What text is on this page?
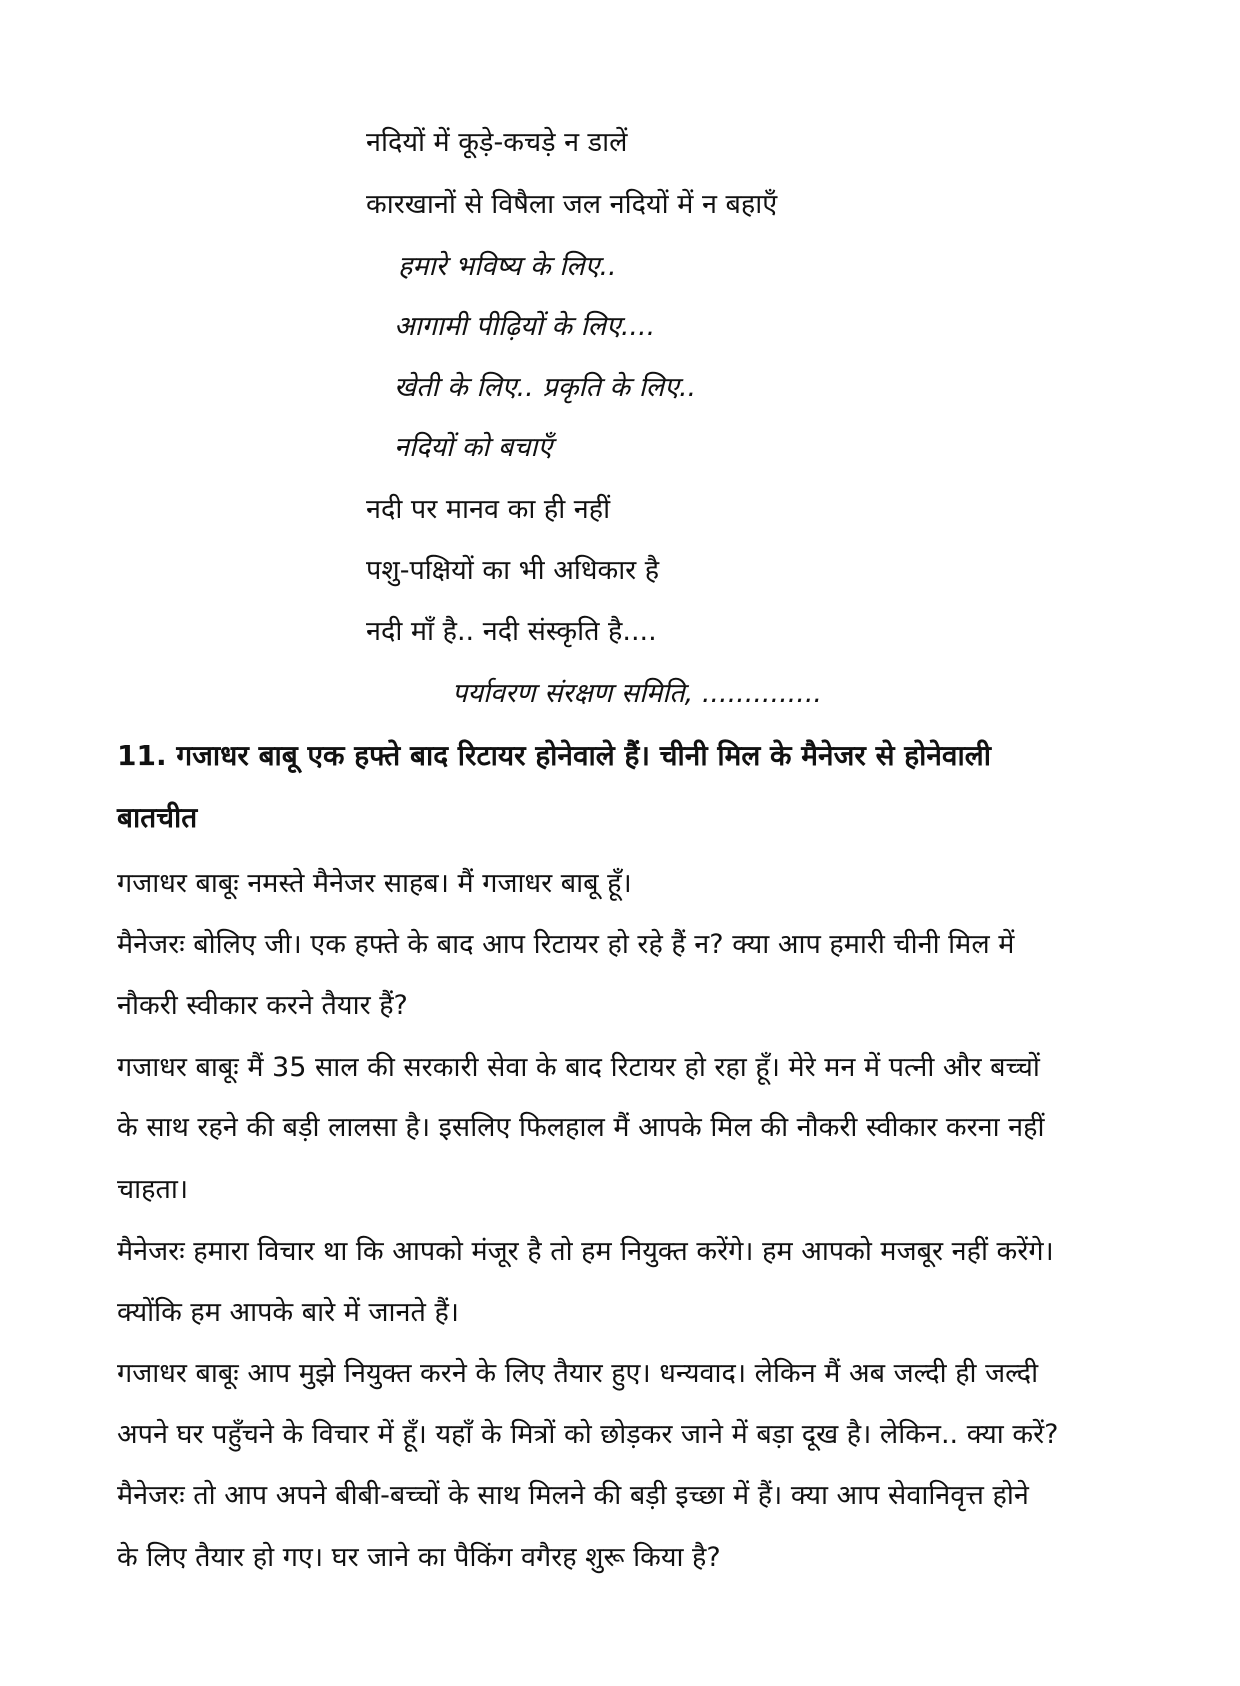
नदियों में कूड़े-कचड़े न डालें
कारखानों से विषैला जल नदियों में न बहाएँ
हमारे भविष्य के लिए..
आगामी पीढ़ियों के लिए....
खेती के लिए.. प्रकृति के लिए..
नदियों को बचाएँ
नदी पर मानव का ही नहीं
पशु-पक्षियों का भी अधिकार है
नदी माँ है.. नदी संस्कृति है....
पर्यावरण संरक्षण समिति, ..............
11. गजाधर बाबू एक हफ्ते बाद रिटायर होनेवाले हैं। चीनी मिल के मैनेजर से होनेवाली
बातचीत
गजाधर बाबूः नमस्ते मैनेजर साहब। मैं गजाधर बाबू हूँ।
मैनेजरः बोलिए जी। एक हफ्ते के बाद आप रिटायर हो रहे हैं न? क्या आप हमारी चीनी मिल में
नौकरी स्वीकार करने तैयार हैं?
गजाधर बाबूः मैं 35 साल की सरकारी सेवा के बाद रिटायर हो रहा हूँ। मेरे मन में पत्नी और बच्चों
के साथ रहने की बड़ी लालसा है। इसलिए फिलहाल मैं आपके मिल की नौकरी स्वीकार करना नहीं
चाहता।
मैनेजरः हमारा विचार था कि आपको मंजूर है तो हम नियुक्त करेंगे। हम आपको मजबूर नहीं करेंगे।
क्योंकि हम आपके बारे में जानते हैं।
गजाधर बाबूः आप मुझे नियुक्त करने के लिए तैयार हुए। धन्यवाद। लेकिन मैं अब जल्दी ही जल्दी
अपने घर पहुँचने के विचार में हूँ। यहाँ के मित्रों को छोड़कर जाने में बड़ा दूख है। लेकिन.. क्या करें?
मैनेजरः तो आप अपने बीबी-बच्चों के साथ मिलने की बड़ी इच्छा में हैं। क्या आप सेवानिवृत्त होने
के लिए तैयार हो गए। घर जाने का पैकिंग वगैरह शुरू किया है?
